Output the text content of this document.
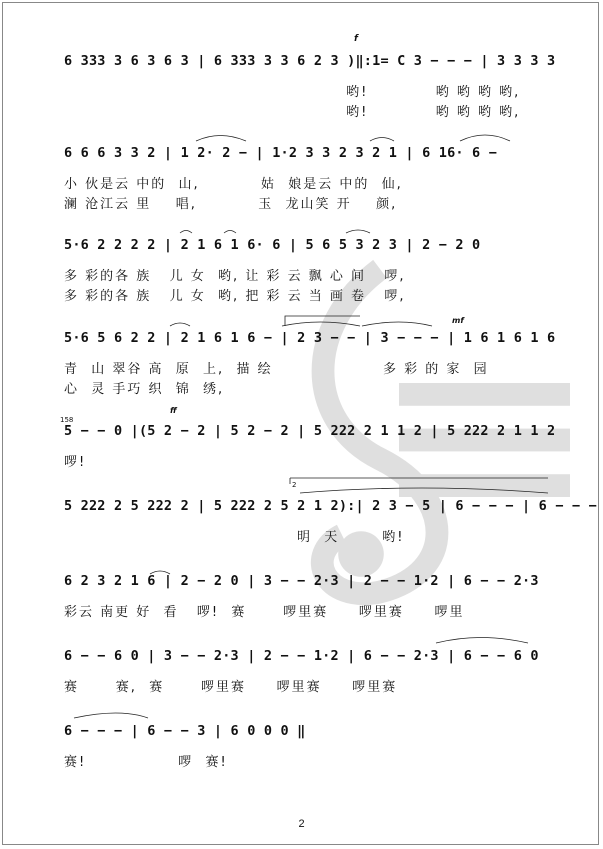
f
mf
ff
2
158
6 333 3 6 3 6 3 | 6 333 3 3 6 2 3 )‖:1= C 3 − − − | 3 3 3 3
哟!           哟 哟 哟 哟,
哟!           哟 哟 哟 哟,
6 6 6 3 3 2 | 1 2· 2 − | 1·2 3 3 2 3 2 1 | 6 16· 6 −
小 伙是云 中的  山,          姑  娘是云 中的  仙,
澜 沧江云 里    唱,          玉  龙山笑 开    颜,
5·6 2 2 2 2 | 2 1 6 1 6· 6 | 5 6 5 3 2 3 | 2 − 2 0
多 彩的各 族   儿 女  哟, 让 彩 云 飘 心 间   啰,
多 彩的各 族   儿 女  哟, 把 彩 云 当 画 卷   啰,
5·6 5 6 2 2 | 2 1 6 1 6 − | 2 3 − − | 3 − − − | 1 6 1 6 1 6
青  山 翠谷 高  原  上,  描 绘                  多 彩 的 家  园
心  灵 手巧 织  锦  绣,
5 − − 0 |(5 2 − 2 | 5 2 − 2 | 5 222 2 1 1 2 | 5 222 2 1 1 2
啰!
5 222 2 5 222 2 | 5 222 2 5 2 1 2):| 2 3 − 5 | 6 − − − | 6 − − −
明  天       哟!
6 2 3 2 1 6 | 2 − 2 0 | 3 − − 2·3 | 2 − − 1·2 | 6 − − 2·3
彩云 南更 好  看   啰!  赛      啰里赛     啰里赛     啰里
6 − − 6 0 | 3 − − 2·3 | 2 − − 1·2 | 6 − − 2·3 | 6 − − 6 0
赛      赛,  赛      啰里赛     啰里赛     啰里赛
6 − − − | 6 − − 3 | 6 0 0 0 ‖
赛!               啰  赛!
2
